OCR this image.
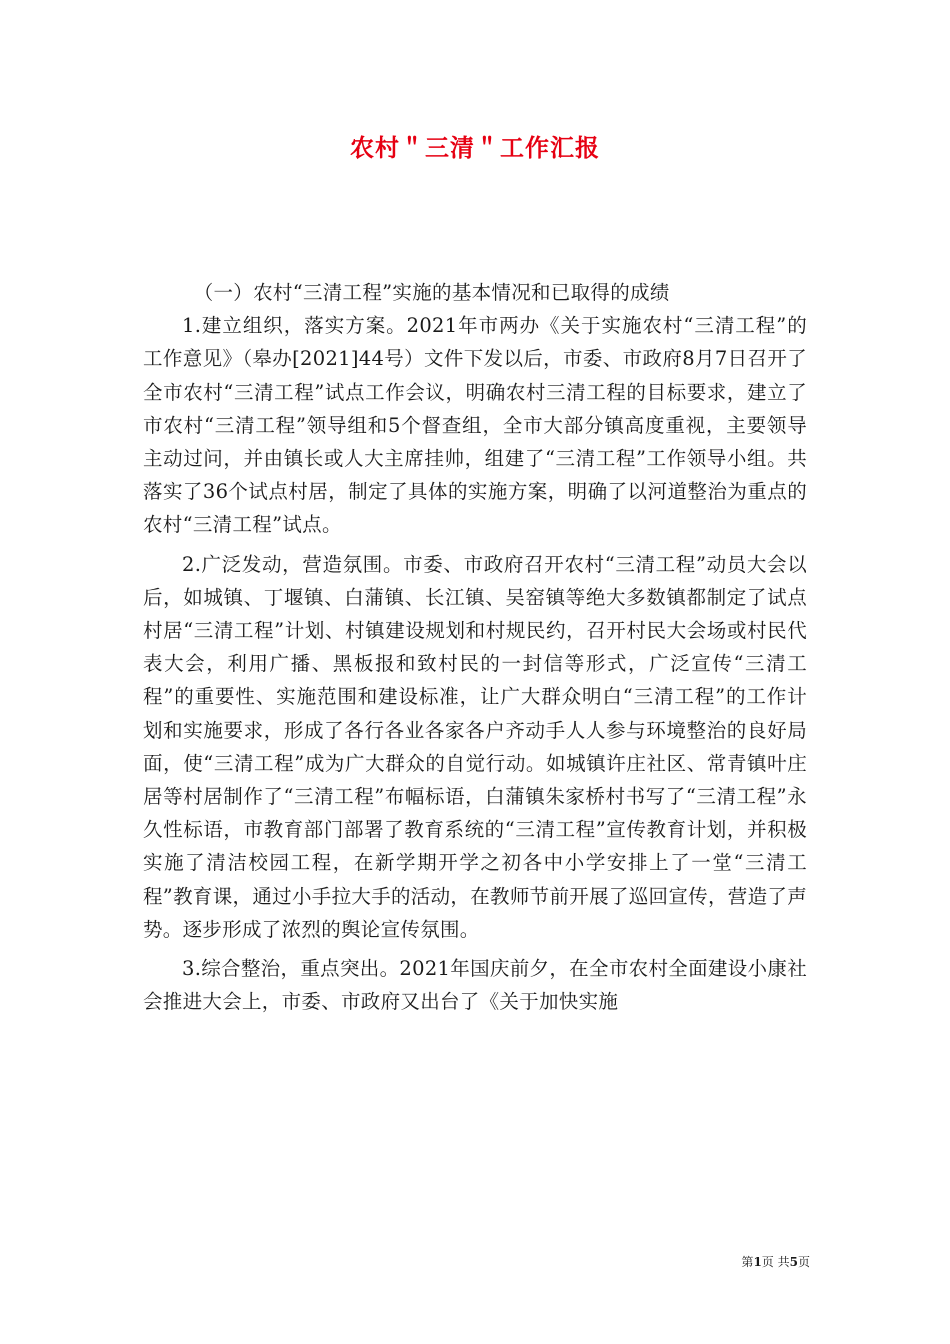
农村＂三清＂工作汇报

（一）农村“三清工程”实施的基本情况和已取得的成绩

1.建立组织，落实方案。2021年市两办《关于实施农村“三清工程”的工作意见》（皋办[2021]44号）文件下发以后，市委、市政府8月7日召开了全市农村“三清工程”试点工作会议，明确农村三清工程的目标要求，建立了市农村“三清工程”领导组和5个督查组，全市大部分镇高度重视，主要领导主动过问，并由镇长或人大主席挂帅，组建了“三清工程”工作领导小组。共落实了36个试点村居，制定了具体的实施方案，明确了以河道整治为重点的农村“三清工程”试点。

2.广泛发动，营造氛围。市委、市政府召开农村“三清工程”动员大会以后，如城镇、丁堰镇、白蒲镇、长江镇、吴窑镇等绝大多数镇都制定了试点村居“三清工程”计划、村镇建设规划和村规民约，召开村民大会场或村民代表大会，利用广播、黑板报和致村民的一封信等形式，广泛宣传“三清工程”的重要性、实施范围和建设标准，让广大群众明白“三清工程”的工作计划和实施要求，形成了各行各业各家各户齐动手人人参与环境整治的良好局面，使“三清工程”成为广大群众的自觉行动。如城镇许庄社区、常青镇叶庄居等村居制作了“三清工程”布幅标语，白蒲镇朱家桥村书写了“三清工程”永久性标语，市教育部门部署了教育系统的“三清工程”宣传教育计划，并积极实施了清洁校园工程，在新学期开学之初各中小学安排上了一堂“三清工程”教育课，通过小手拉大手的活动，在教师节前开展了巡回宣传，营造了声势。逐步形成了浓烈的舆论宣传氛围。

3.综合整治，重点突出。2021年国庆前夕，在全市农村全面建设小康社会推进大会上，市委、市政府又出台了《关于加快实施

第1页 共5页
